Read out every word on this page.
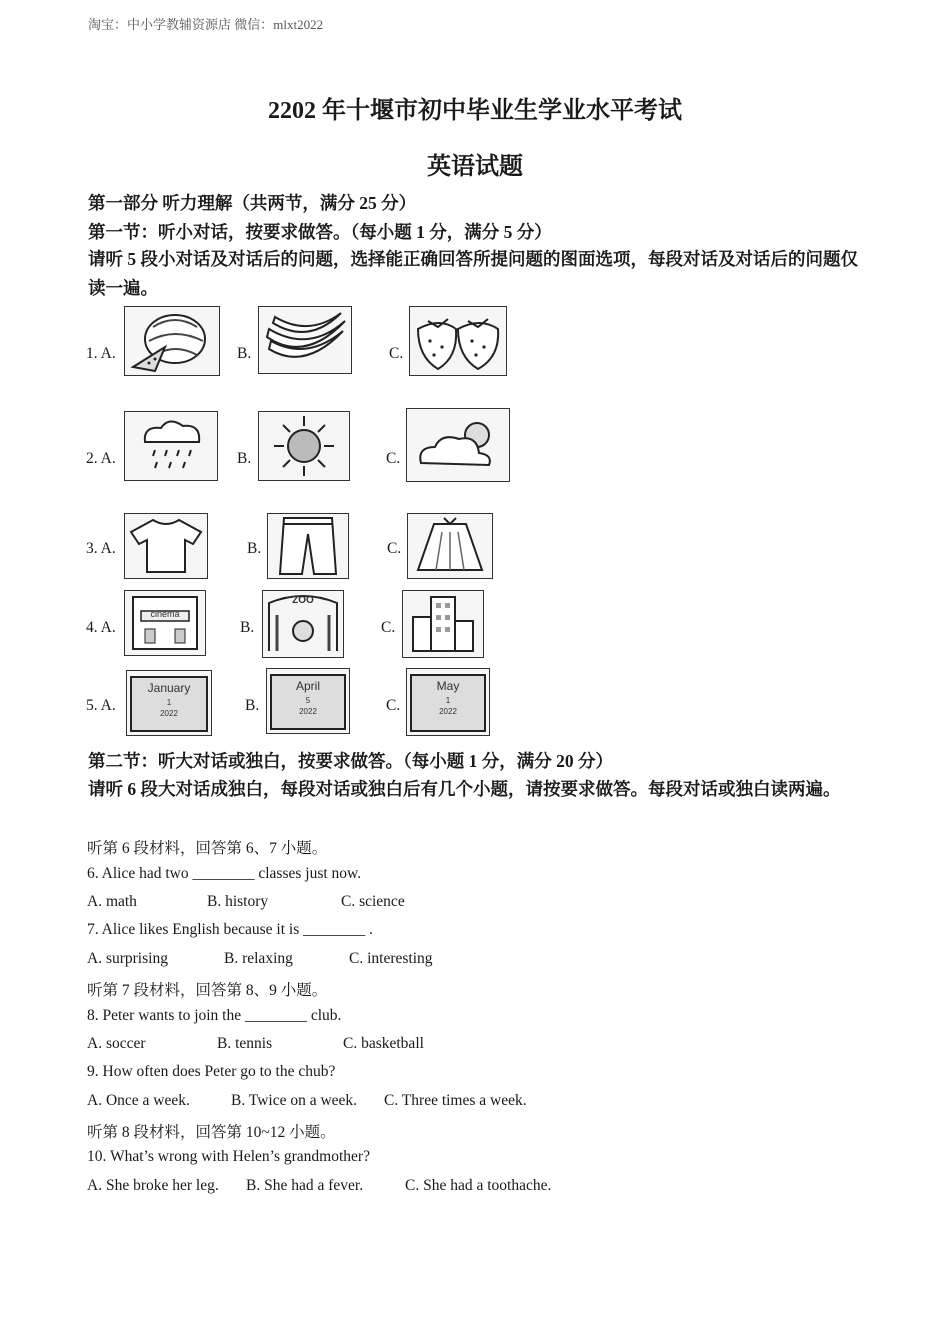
淘宝：中小学教辅资源店 微信：mlxt2022
2202 年十堰市初中毕业生学业水平考试
英语试题
第一部分 听力理解（共两节，满分 25 分）
第一节：听小对话，按要求做答。（每小题 1 分，满分 5 分）
请听 5 段小对话及对话后的问题，选择能正确回答所提问题的图面选项，每段对话及对话后的问题仅读一遍。
1. A.	B.	C.
2. A.	B.	C.
3. A.	B.	C.
4. A.
cinema
B.
ZOO
C.
5. A.
January
1
2022	B.
April
5
2022	C.
May
1
2022
第二节：听大对话或独白，按要求做答。（每小题 1 分，满分 20 分）
请听 6 段大对话成独白，每段对话或独白后有几个小题，请按要求做答。每段对话或独白读两遍。
听第 6 段材料，回答第 6、7 小题。
6. Alice had two ________ classes just now.
A. math	B. history	C. science
7. Alice likes English because it is ________ .
A. surprising	B. relaxing	C. interesting
听第 7 段材料，回答第 8、9 小题。
8. Peter wants to join the ________ club.
A. soccer	B. tennis	C. basketball
9. How often does Peter go to the chub?
A. Once a week.	B. Twice on a week. C. Three times a week.
听第 8 段材料，回答第 10~12 小题。
10. What’s wrong with Helen’s grandmother?
A. She broke her leg. B. She had a fever.	C. She had a toothache.
